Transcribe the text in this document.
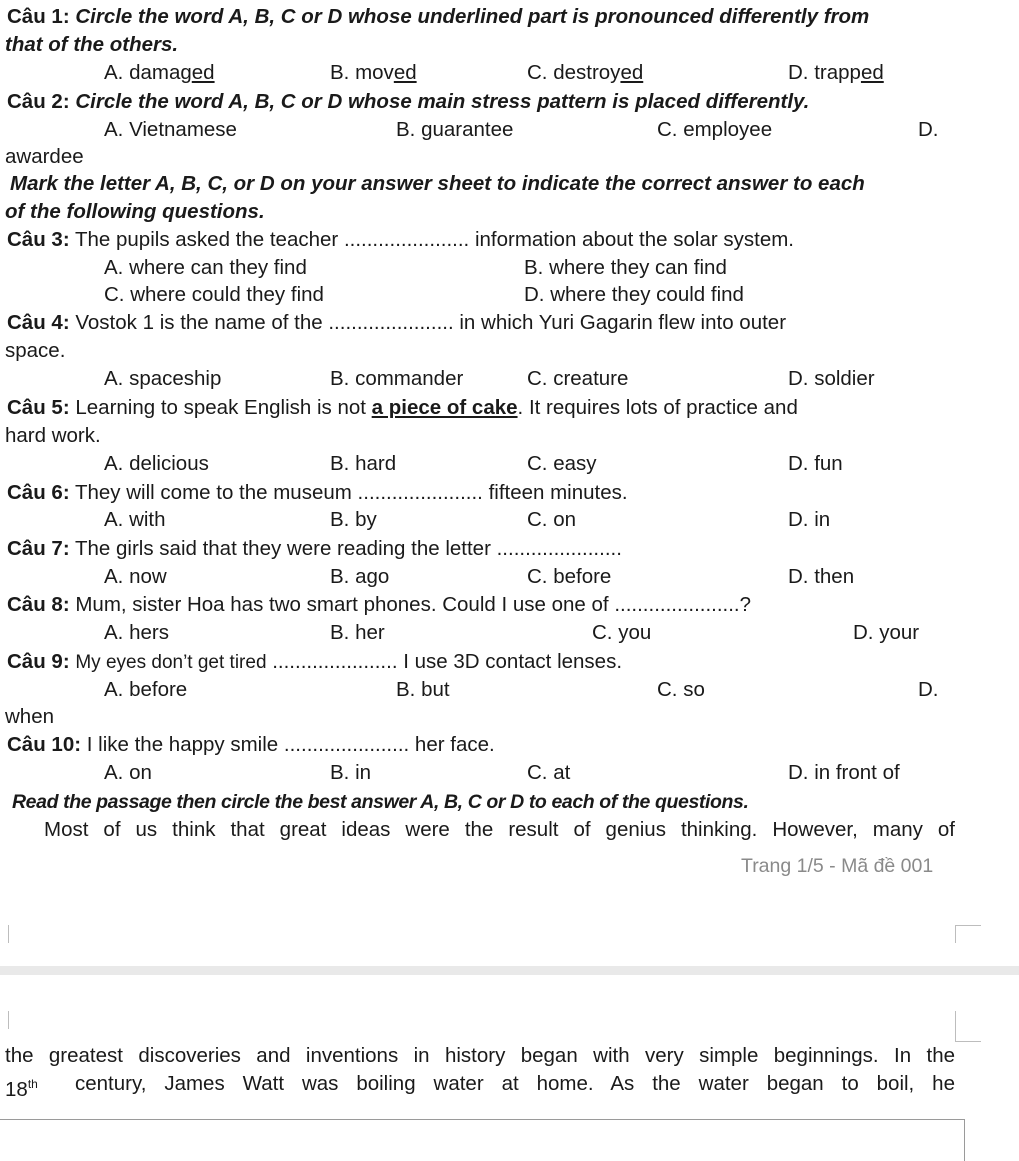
Câu 1: Circle the word A, B, C or D whose underlined part is pronounced differently from
that of the others.
A. damaged	B. moved	C. destroyed	D. trapped
Câu 2: Circle the word A, B, C or D whose main stress pattern is placed differently.
A. Vietnamese	B. guarantee	C. employee	D.
awardee
Mark the letter A, B, C, or D on your answer sheet to indicate the correct answer to each
of the following questions.
Câu 3: The pupils asked the teacher ...................... information about the solar system.
A. where can they find	B. where they can find
C. where could they find	D. where they could find
Câu 4: Vostok 1 is the name of the ...................... in which Yuri Gagarin flew into outer
space.
A. spaceship	B. commander	C. creature	D. soldier
Câu 5: Learning to speak English is not a piece of cake. It requires lots of practice and
hard work.
A. delicious	B. hard	C. easy	D. fun
Câu 6: They will come to the museum ...................... fifteen minutes.
A. with	B. by	C. on	D. in
Câu 7: The girls said that they were reading the letter ......................
A. now	B. ago	C. before	D. then
Câu 8: Mum, sister Hoa has two smart phones. Could I use one of ......................?
A. hers	B. her	C. you	D. your
Câu 9: My eyes don’t get tired ...................... I use 3D contact lenses.
A. before	B. but	C. so	D.
when
Câu 10: I like the happy smile ...................... her face.
A. on	B. in	C. at	D. in front of
Read the passage then circle the best answer A, B, C or D to each of the questions.
Most of us think that great ideas were the result of genius thinking. However, many of
Trang 1/5 - Mã đề 001
the greatest discoveries and inventions in history began with very simple beginnings. In the
18th century, James Watt was boiling water at home. As the water began to boil, he
